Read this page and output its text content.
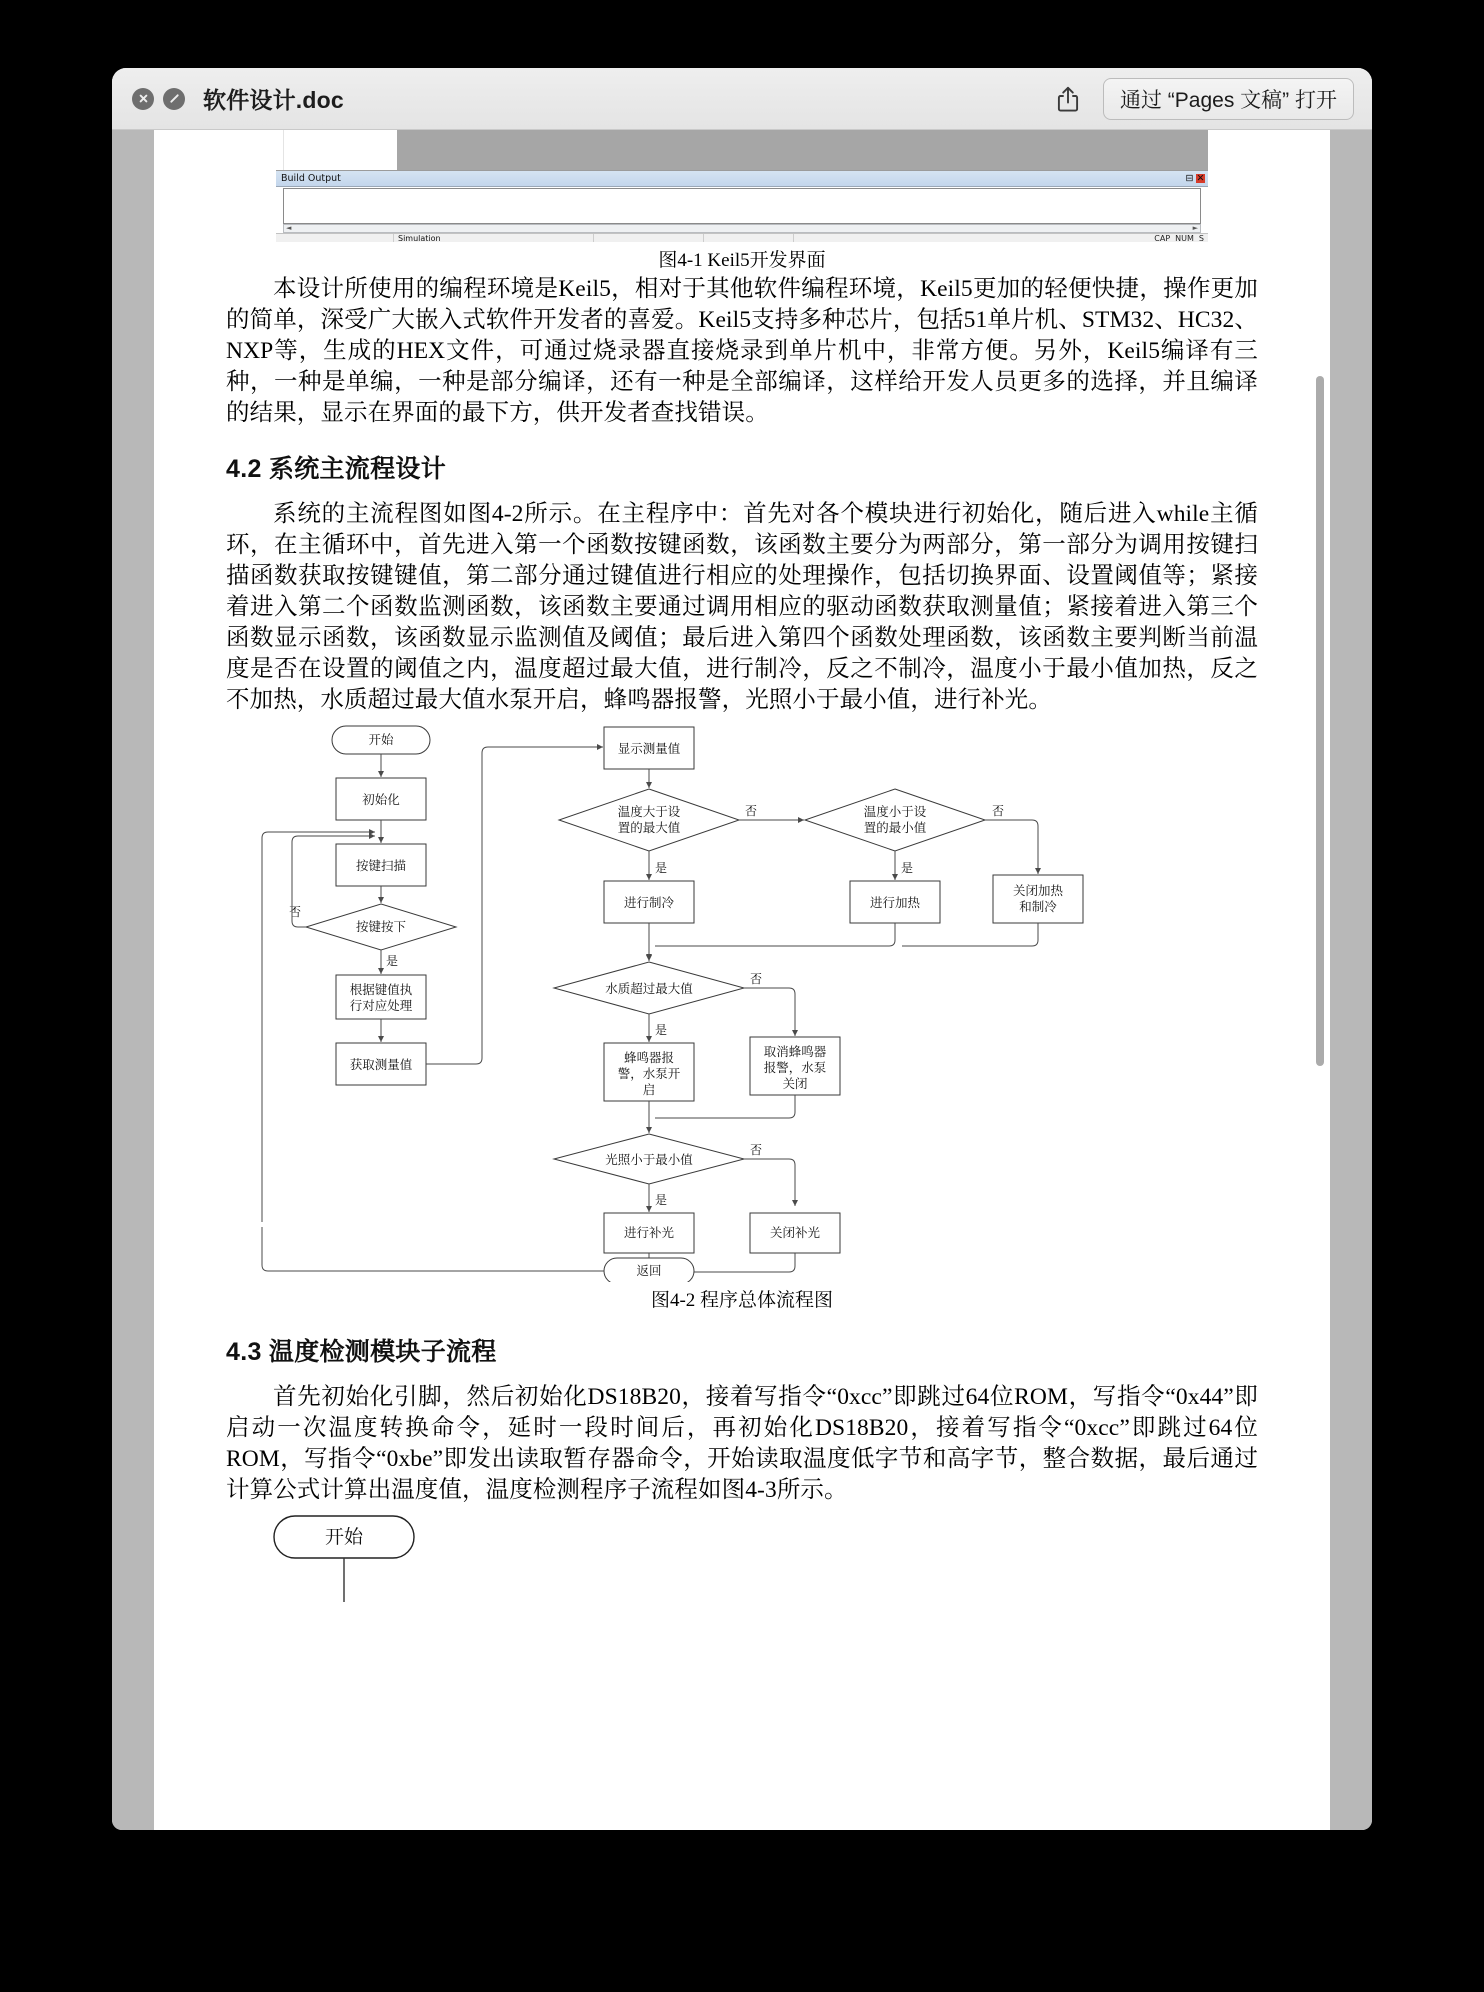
软件设计.doc	通过 “Pages 文稿” 打开
Build Output	⊟ ✕
◄	►
Simulation	CAP NUM S
图4-1 Keil5开发界面

本设计所使用的编程环境是Keil5，相对于其他软件编程环境，Keil5更加的轻便快捷，操作更加的简单，深受广大嵌入式软件开发者的喜爱。Keil5支持多种芯片，包括51单片机、STM32、HC32、NXP等，生成的HEX文件，可通过烧录器直接烧录到单片机中，非常方便。另外，Keil5编译有三种，一种是单编，一种是部分编译，还有一种是全部编译，这样给开发人员更多的选择，并且编译的结果，显示在界面的最下方，供开发者查找错误。

4.2 系统主流程设计

系统的主流程图如图4-2所示。在主程序中：首先对各个模块进行初始化，随后进入while主循环，在主循环中，首先进入第一个函数按键函数，该函数主要分为两部分，第一部分为调用按键扫描函数获取按键键值，第二部分通过键值进行相应的处理操作，包括切换界面、设置阈值等；紧接着进入第二个函数监测函数，该函数主要通过调用相应的驱动函数获取测量值；紧接着进入第三个函数显示函数，该函数显示监测值及阈值；最后进入第四个函数处理函数，该函数主要判断当前温度是否在设置的阈值之内，温度超过最大值，进行制冷，反之不制冷，温度小于最小值加热，反之不加热，水质超过最大值水泵开启，蜂鸣器报警，光照小于最小值，进行补光。

开始
初始化
按键扫描
按键按下
否
是
根据键值执
行对应处理
获取测量值
显示测量值
温度大于设
置的最大值
否
是
进行制冷
温度小于设
置的最小值
否
是
进行加热
关闭加热
和制冷
水质超过最大值
否
是
蜂鸣器报
警，水泵开
启
取消蜂鸣器
报警，水泵
关闭
光照小于最小值
否
是
进行补光	关闭补光
返回
图4-2 程序总体流程图
4.3 温度检测模块子流程

首先初始化引脚，然后初始化DS18B20，接着写指令“0xcc”即跳过64位ROM，写指令“0x44”即启动一次温度转换命令，延时一段时间后，再初始化DS18B20，接着写指令“0xcc”即跳过64位ROM，写指令“0xbe”即发出读取暂存器命令，开始读取温度低字节和高字节，整合数据，最后通过计算公式计算出温度值，温度检测程序子流程如图4-3所示。

开始
